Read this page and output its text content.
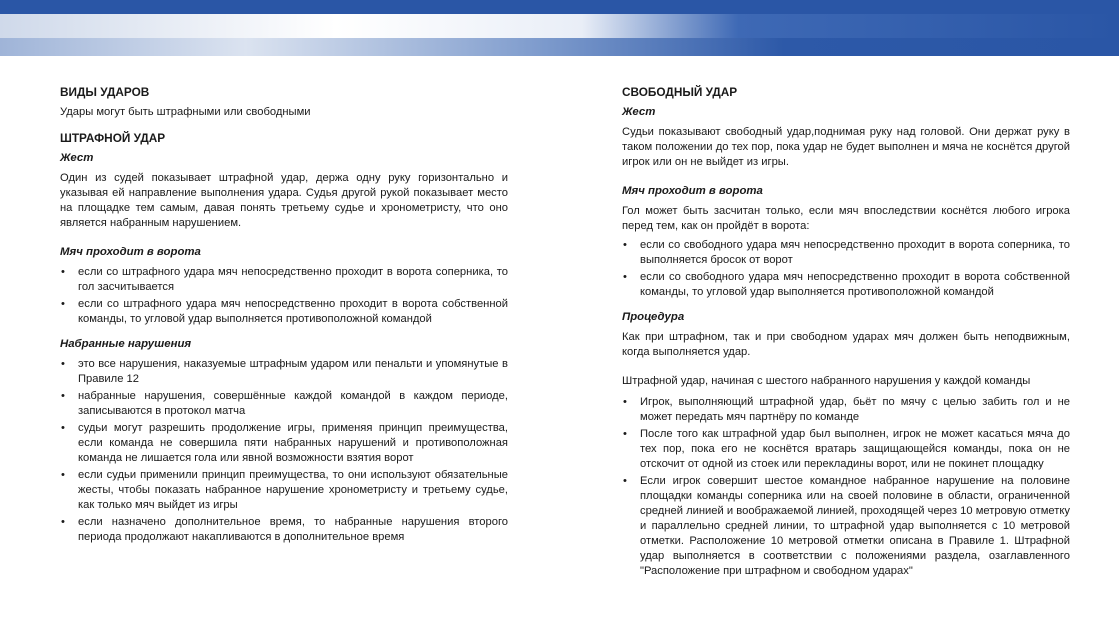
ВИДЫ УДАРОВ

Удары могут быть штрафными или свободными

ШТРАФНОЙ УДАР
Жест

Один из судей показывает штрафной удар, держа одну руку горизонтально и указывая ей направление выполнения удара. Судья другой рукой показывает место на площадке тем самым, давая понять третьему судье и хронометристу, что оно является набранным нарушением.

Мяч проходит в ворота
• если со штрафного удара мяч непосредственно проходит в ворота соперника, то гол засчитывается
• если со штрафного удара мяч непосредственно проходит в ворота собственной команды, то угловой удар выполняется противоположной командой
Набранные нарушения
• это все нарушения, наказуемые штрафным ударом или пенальти и упомянутые в Правиле 12
• набранные нарушения, совершённые каждой командой в каждом периоде, записываются в протокол матча
• судьи могут разрешить продолжение игры, применяя принцип преимущества, если команда не совершила пяти набранных нарушений и противоположная команда не лишается гола или явной возможности взятия ворот
• если судьи применили принцип преимущества, то они используют обязательные жесты, чтобы показать набранное нарушение хронометристу и третьему судье, как только мяч выйдет из игры
• если назначено дополнительное время, то набранные нарушения второго периода продолжают накапливаются в дополнительное время
СВОБОДНЫЙ УДАР
Жест

Судьи показывают свободный удар,поднимая руку над головой. Они держат руку в таком положении до тех пор, пока удар не будет выполнен и мяча не коснётся другой игрок или он не выйдет из игры.

Мяч проходит в ворота

Гол может быть засчитан только, если мяч впоследствии коснётся любого игрока перед тем, как он пройдёт в ворота:

• если со свободного удара мяч непосредственно проходит в ворота соперника, то выполняется бросок от ворот
• если со свободного удара мяч непосредственно проходит в ворота собственной команды, то угловой удар выполняется противоположной командой
Процедура

Как при штрафном, так и при свободном ударах мяч должен быть неподвижным, когда выполняется удар.

Штрафной удар, начиная с шестого набранного нарушения у каждой команды

• Игрок, выполняющий штрафной удар, бьёт по мячу с целью забить гол и не может передать мяч партнёру по команде
• После того как штрафной удар был выполнен, игрок не может касаться мяча до тех пор, пока его не коснётся вратарь защищающейся команды, пока он не отскочит от одной из стоек или перекладины ворот, или не покинет площадку
• Если игрок совершит шестое командное набранное нарушение на половине площадки команды соперника или на своей половине в области, ограниченной средней линией и воображаемой линией, проходящей через 10 метровую отметку и параллельно средней линии, то штрафной удар выполняется с 10 метровой отметки. Расположение 10 метровой отметки описана в Правиле 1. Штрафной удар выполняется в соответствии с положениями раздела, озаглавленного "Расположение при штрафном и свободном ударах"
